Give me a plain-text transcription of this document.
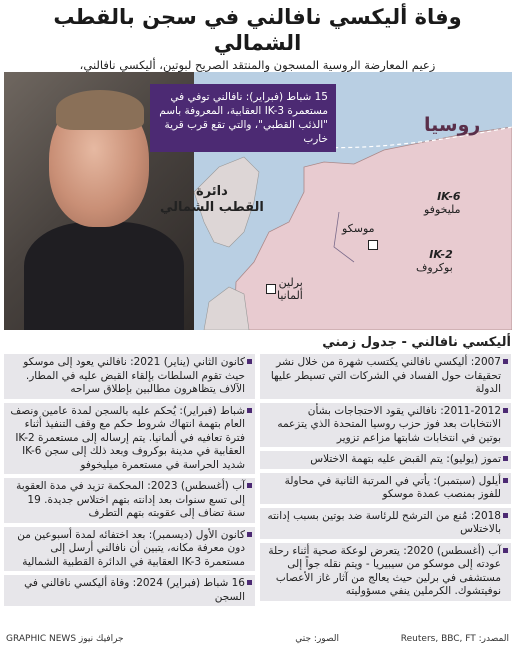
وفاة أليكسي نافالني في سجن بالقطب الشمالي
زعيم المعارضة الروسية المسجون والمنتقد الصريح لبوتين، أليكسي نافالني،
15 شباط (فبراير): نافالني توفي في مستعمرة IK-3 العقابية، المعروفة باسم "الذئب القطبي"، والتي تقع قرب قرية خارب
روسيا
دائرة
القطب الشمالي
موسكو
IK-6
مليخوفو
IK-2
بوكروف
برلين
ألمانيا
أليكسي نافالني - جدول زمني
2007: أليكسي نافالني يكتسب شهرة من خلال نشر تحقيقات حول الفساد في الشركات التي تسيطر عليها الدولة
2011-2012: نافالني يقود الاحتجاجات بشأن الانتخابات بعد فوز حزب روسيا المتحدة الذي يتزعمه بوتين في انتخابات شابتها مزاعم تزوير
تموز (يوليو): يتم القبض عليه بتهمة الاختلاس
أيلول (سبتمبر): يأتي في المرتبة الثانية في محاولة للفوز بمنصب عمدة موسكو
2018: مُنع من الترشح للرئاسة ضد بوتين بسبب إدانته بالاختلاس
آب (أغسطس) 2020: يتعرض لوعكة صحية أثناء رحلة عودته إلى موسكو من سيبيريا - ويتم نقله جواً إلى مستشفى في برلين حيث يعالج من آثار غاز الأعصاب نوفيتشوك. الكرملين ينفي مسؤوليته
كانون الثاني (يناير) 2021: نافالني يعود إلى موسكو حيث تقوم السلطات بإلقاء القبض عليه في المطار. الآلاف يتظاهرون مطالبين بإطلاق سراحه
شباط (فبراير): يُحكم عليه بالسجن لمدة عامين ونصف العام بتهمة انتهاك شروط حكم مع وقف التنفيذ أثناء فترة تعافيه في ألمانيا. يتم إرساله إلى مستعمرة IK-2 العقابية في مدينة بوكروف وبعد ذلك إلى سجن IK-6 شديد الحراسة في مستعمرة ميليخوفو
آب (أغسطس) 2023: المحكمة تزيد في مدة العقوبة إلى تسع سنوات بعد إدانته بتهم اختلاس جديدة. 19 سنة تضاف إلى عقوبته بتهم التطرف
كانون الأول (ديسمبر): بعد اختفائه لمدة أسبوعين من دون معرفة مكانه، يتبين أن نافالني أرسل إلى مستعمرة IK-3 العقابية في الدائرة القطبية الشمالية
16 شباط (فبراير) 2024: وفاة أليكسي نافالني في السجن
المصدر: Reuters, BBC, FT
الصور: جتي
GRAPHIC NEWS جرافيك نيوز
